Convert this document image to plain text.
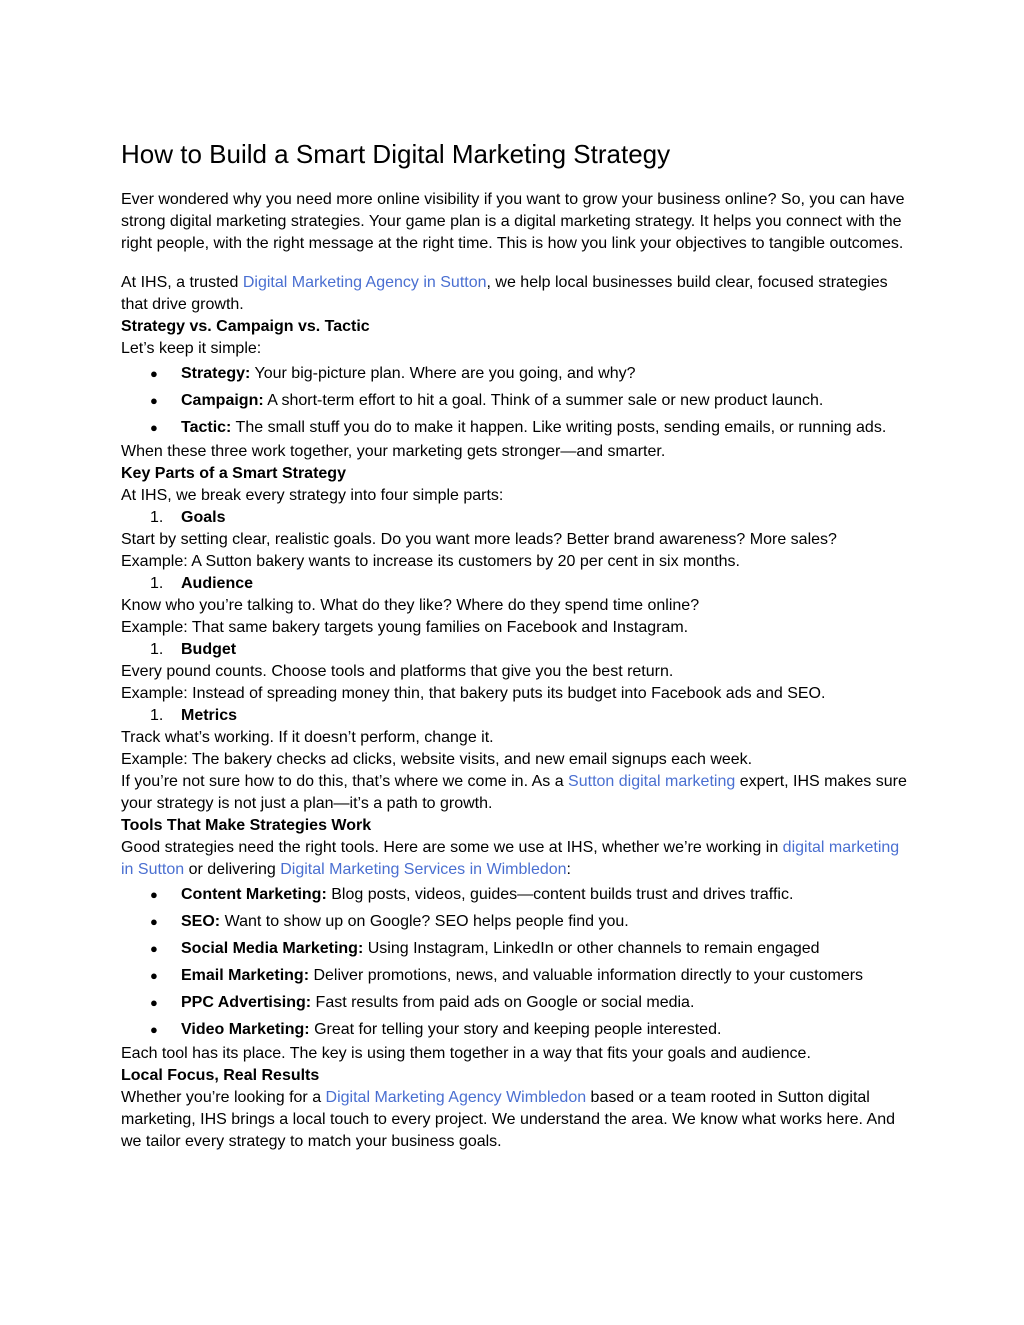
How to Build a Smart Digital Marketing Strategy

Ever wondered why you need more online visibility if you want to grow your business online? So, you can have strong digital marketing strategies. Your game plan is a digital marketing strategy. It helps you connect with the right people, with the right message at the right time. This is how you link your objectives to tangible outcomes.

At IHS, a trusted Digital Marketing Agency in Sutton, we help local businesses build clear, focused strategies that drive growth.

Strategy vs. Campaign vs. Tactic

Let’s keep it simple:

● Strategy: Your big-picture plan. Where are you going, and why?
● Campaign: A short-term effort to hit a goal. Think of a summer sale or new product launch.
● Tactic: The small stuff you do to make it happen. Like writing posts, sending emails, or running ads.

When these three work together, your marketing gets stronger—and smarter.

Key Parts of a Smart Strategy

At IHS, we break every strategy into four simple parts:

1. Goals

Start by setting clear, realistic goals. Do you want more leads? Better brand awareness? More sales?

Example: A Sutton bakery wants to increase its customers by 20 per cent in six months.

1. Audience

Know who you’re talking to. What do they like? Where do they spend time online?

Example: That same bakery targets young families on Facebook and Instagram.

1. Budget

Every pound counts. Choose tools and platforms that give you the best return.

Example: Instead of spreading money thin, that bakery puts its budget into Facebook ads and SEO.

1. Metrics

Track what’s working. If it doesn’t perform, change it.

Example: The bakery checks ad clicks, website visits, and new email signups each week.

If you’re not sure how to do this, that’s where we come in. As a Sutton digital marketing expert, IHS makes sure your strategy is not just a plan—it’s a path to growth.

Tools That Make Strategies Work

Good strategies need the right tools. Here are some we use at IHS, whether we’re working in digital marketing in Sutton or delivering Digital Marketing Services in Wimbledon:

● Content Marketing: Blog posts, videos, guides—content builds trust and drives traffic.
● SEO: Want to show up on Google? SEO helps people find you.
● Social Media Marketing: Using Instagram, LinkedIn or other channels to remain engaged
● Email Marketing: Deliver promotions, news, and valuable information directly to your customers
● PPC Advertising: Fast results from paid ads on Google or social media.
● Video Marketing: Great for telling your story and keeping people interested.

Each tool has its place. The key is using them together in a way that fits your goals and audience.

Local Focus, Real Results

Whether you’re looking for a Digital Marketing Agency Wimbledon based or a team rooted in Sutton digital marketing, IHS brings a local touch to every project. We understand the area. We know what works here. And we tailor every strategy to match your business goals.
